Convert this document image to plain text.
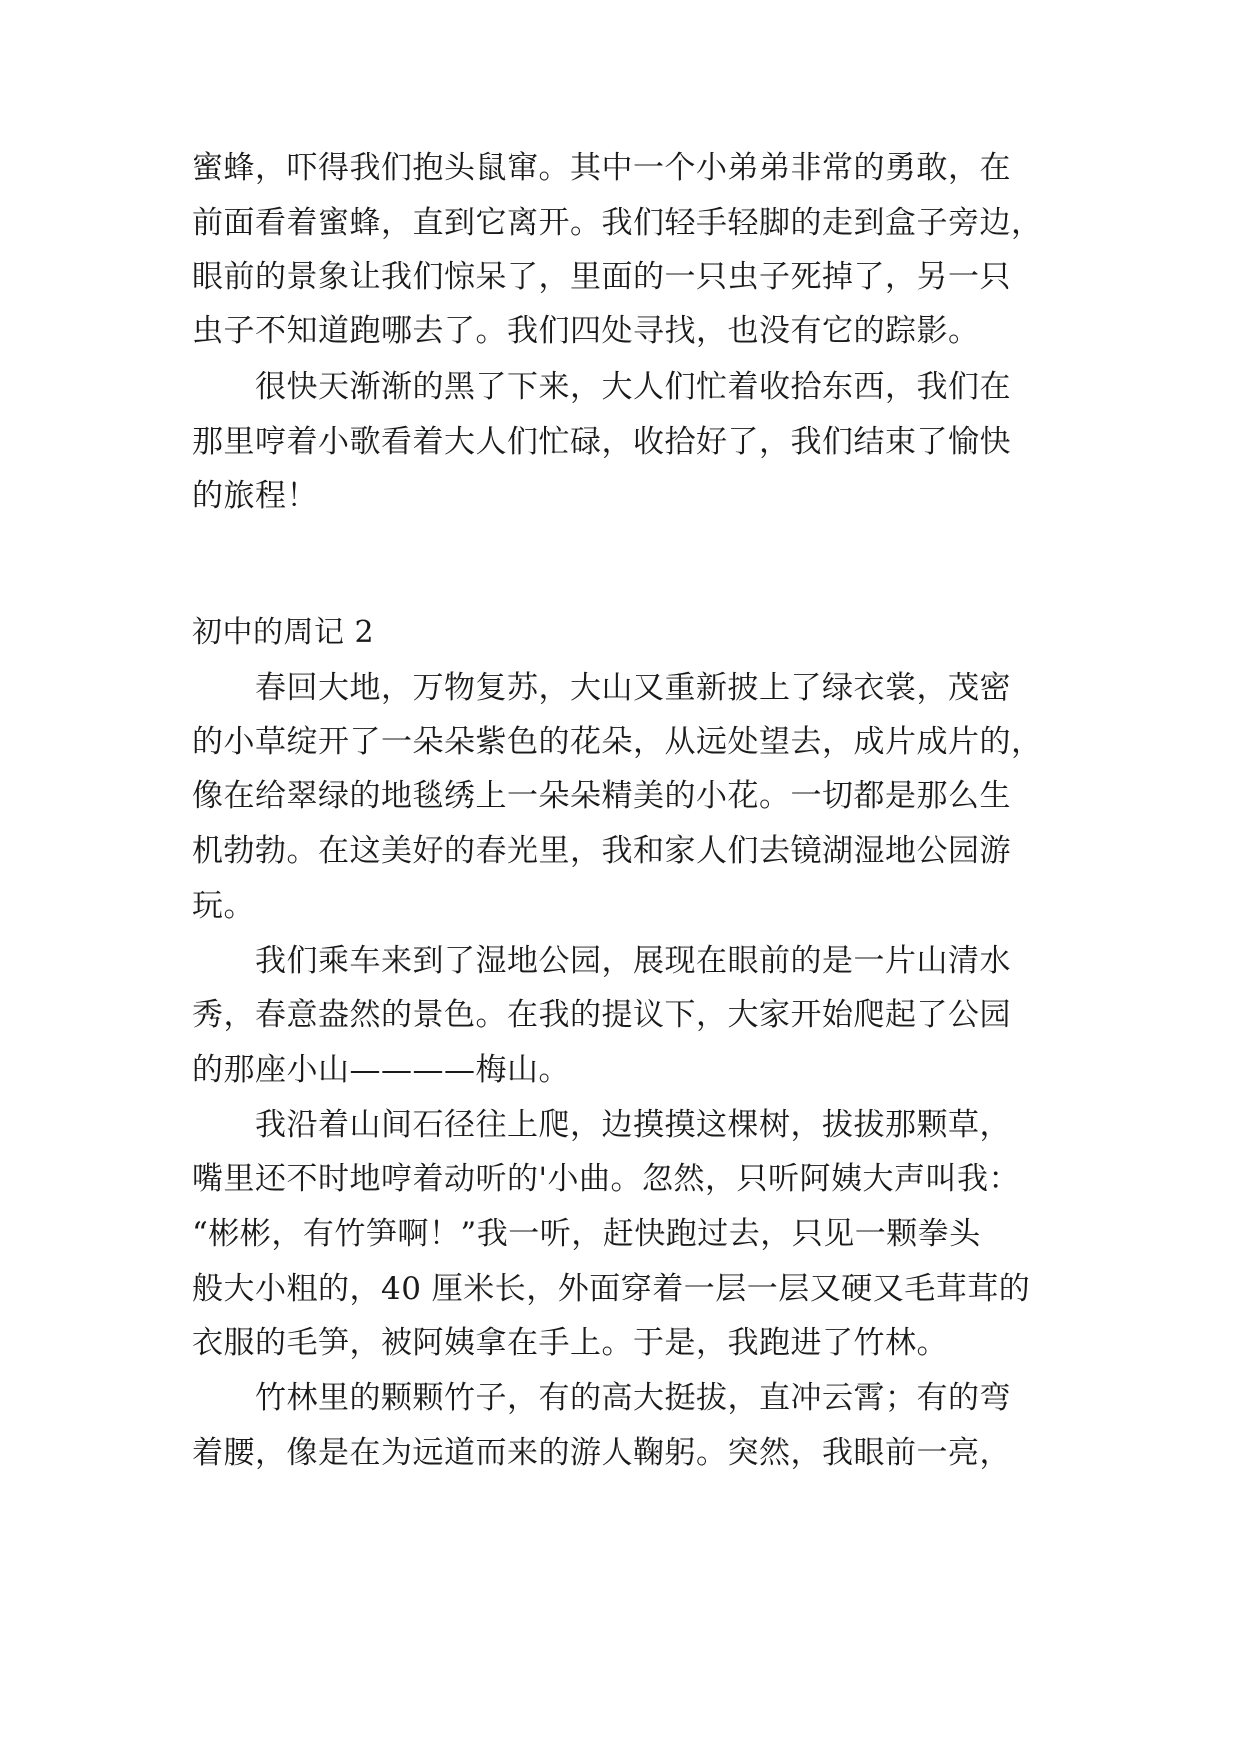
蜜蜂，吓得我们抱头鼠窜。其中一个小弟弟非常的勇敢，在
前面看着蜜蜂，直到它离开。我们轻手轻脚的走到盒子旁边，
眼前的景象让我们惊呆了，里面的一只虫子死掉了，另一只
虫子不知道跑哪去了。我们四处寻找，也没有它的踪影。
很快天渐渐的黑了下来，大人们忙着收拾东西，我们在
那里哼着小歌看着大人们忙碌，收拾好了，我们结束了愉快
的旅程！
初中的周记 2
春回大地，万物复苏，大山又重新披上了绿衣裳，茂密
的小草绽开了一朵朵紫色的花朵，从远处望去，成片成片的，
像在给翠绿的地毯绣上一朵朵精美的小花。一切都是那么生
机勃勃。在这美好的春光里，我和家人们去镜湖湿地公园游
玩。
我们乘车来到了湿地公园，展现在眼前的是一片山清水
秀，春意盎然的景色。在我的提议下，大家开始爬起了公园
的那座小山————梅山。
我沿着山间石径往上爬，边摸摸这棵树，拔拔那颗草，
嘴里还不时地哼着动听的'小曲。忽然，只听阿姨大声叫我：
“彬彬，有竹笋啊！”我一听，赶快跑过去，只见一颗拳头
般大小粗的，40 厘米长，外面穿着一层一层又硬又毛茸茸的
衣服的毛笋，被阿姨拿在手上。于是，我跑进了竹林。
竹林里的颗颗竹子，有的高大挺拔，直冲云霄；有的弯
着腰，像是在为远道而来的游人鞠躬。突然，我眼前一亮，
